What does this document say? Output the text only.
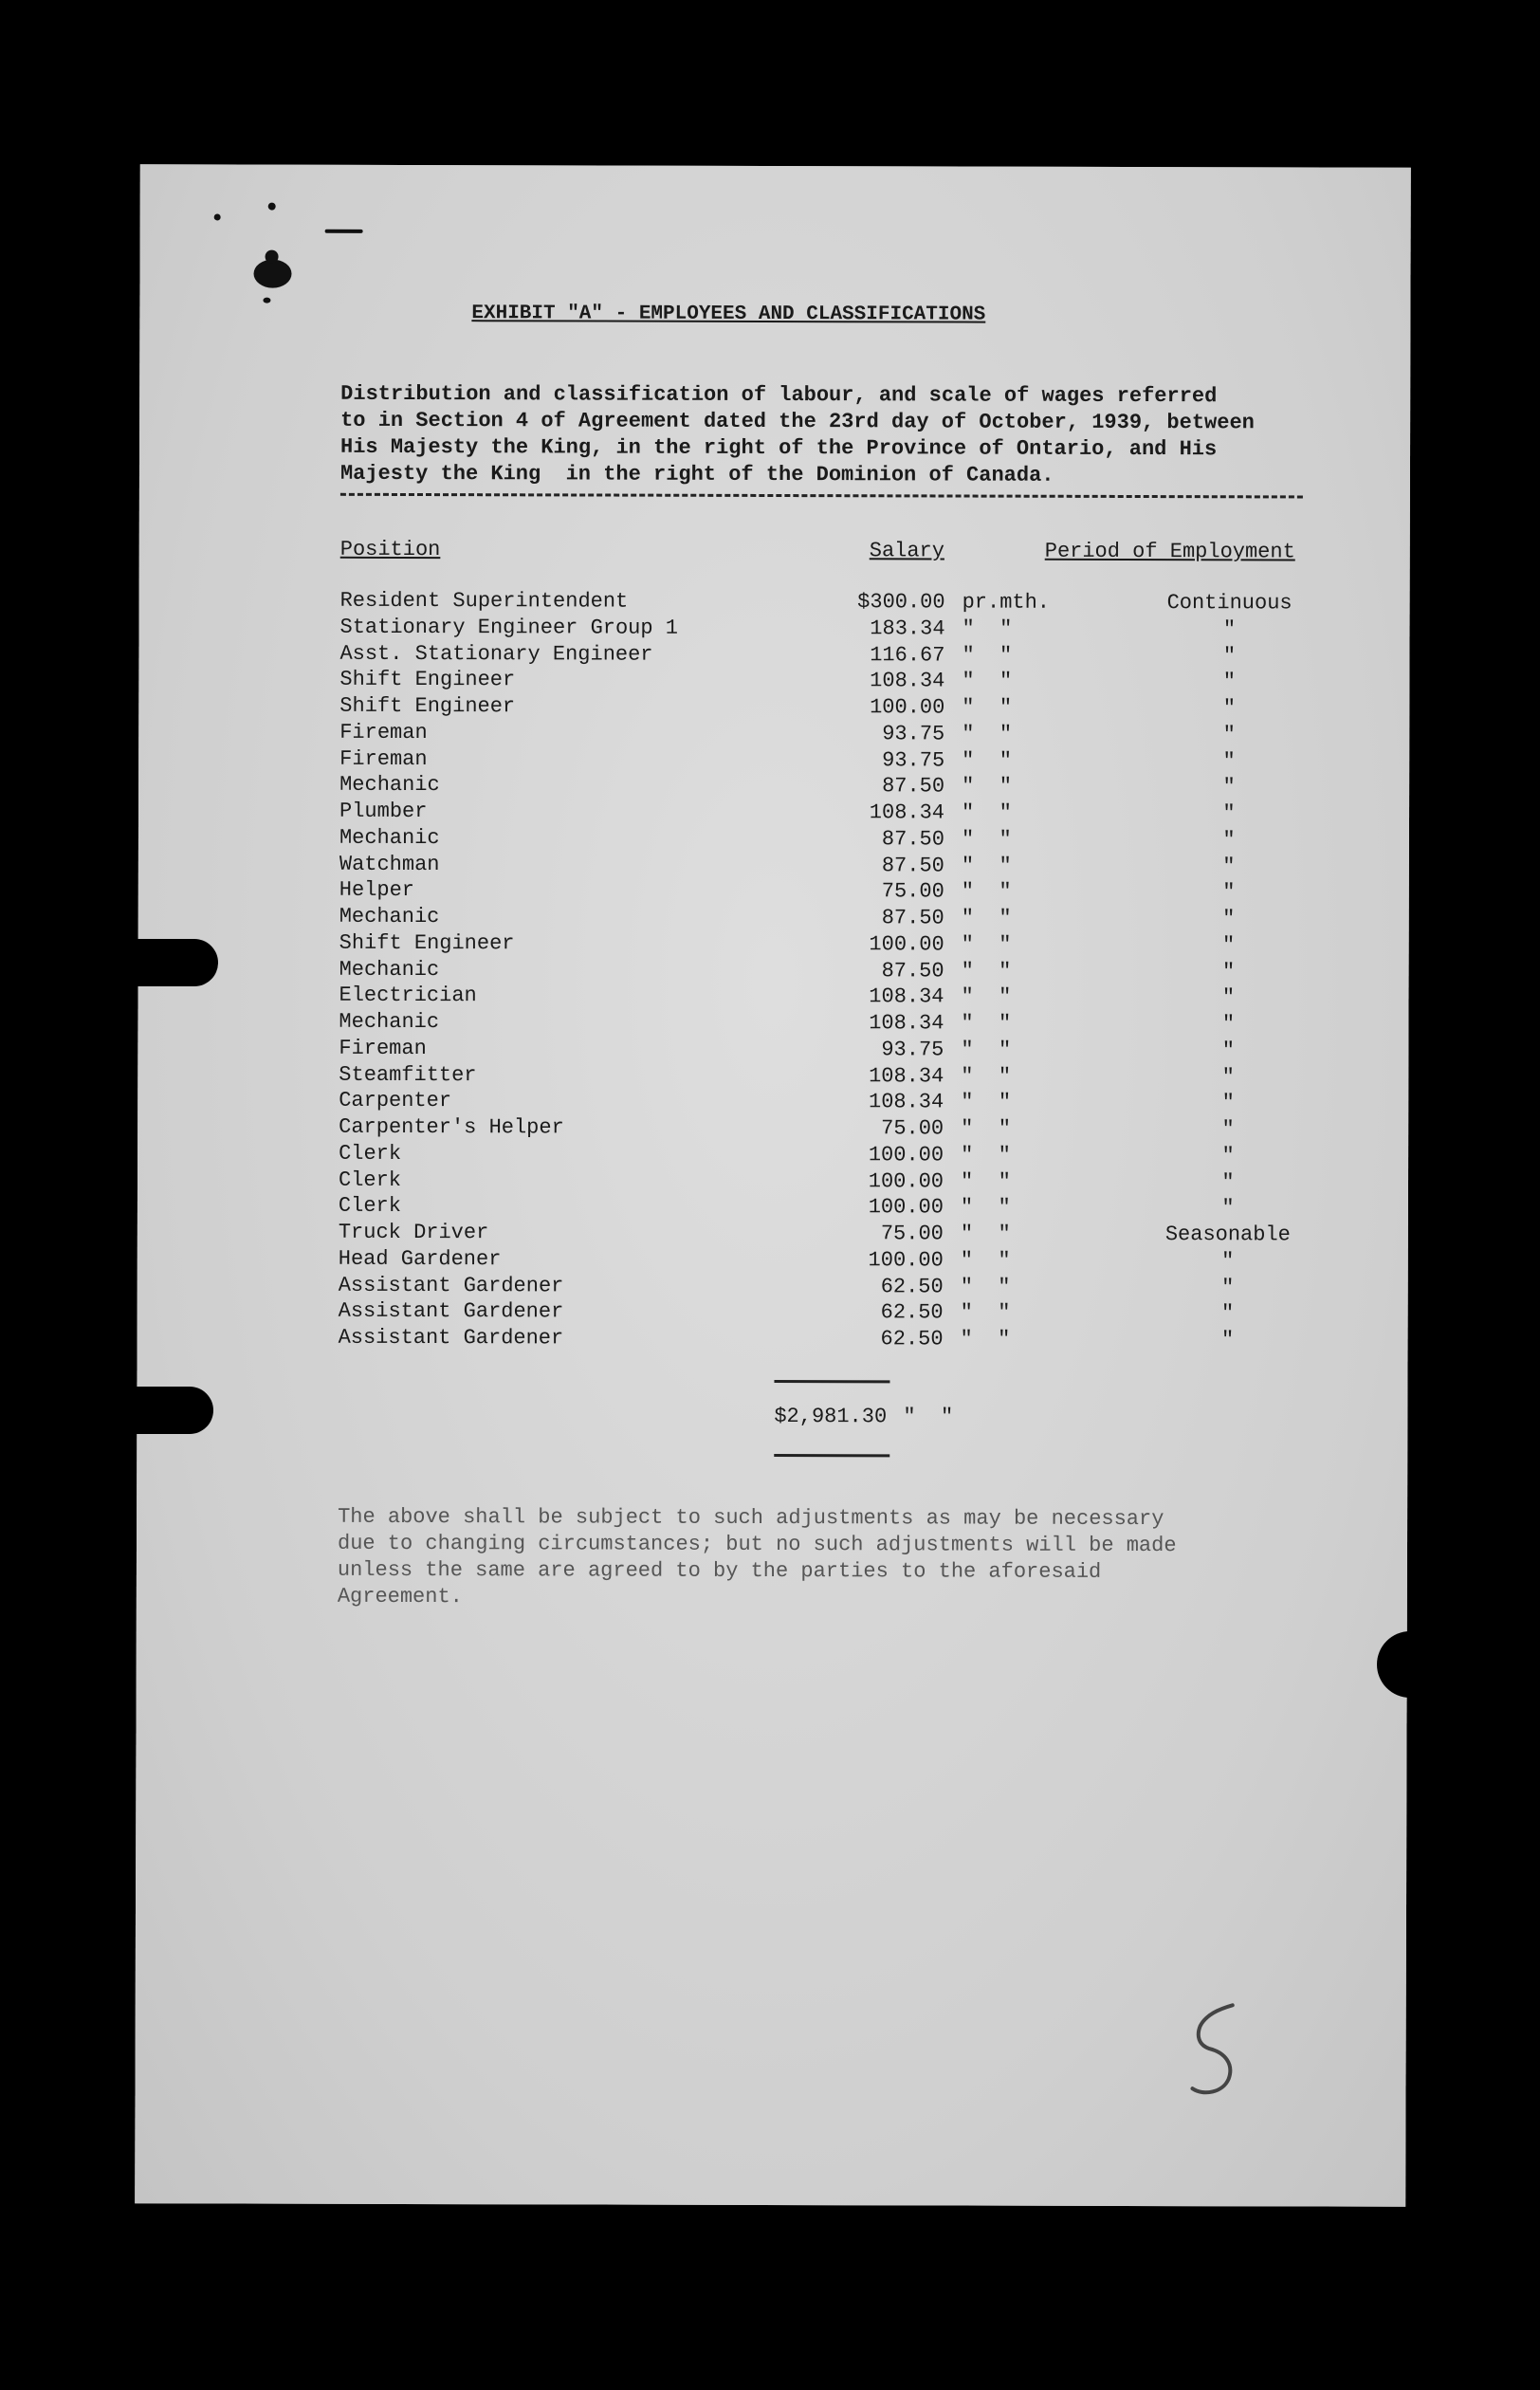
EXHIBIT "A" - EMPLOYEES AND CLASSIFICATIONS
Distribution and classification of labour, and scale of wages referred
to in Section 4 of Agreement dated the 23rd day of October, 1939, between
His Majesty the King, in the right of the Province of Ontario, and His
Majesty the King  in the right of the Dominion of Canada.
Position	Salary	Period of Employment
Resident Superintendent	$300.00 pr.mth.	Continuous
Stationary Engineer Group 1	183.34 "  "	"
Asst. Stationary Engineer	116.67 "  "	"
Shift Engineer	108.34 "  "	"
Shift Engineer	100.00 "  "	"
Fireman	93.75 "  "	"
Fireman	93.75 "  "	"
Mechanic	87.50 "  "	"
Plumber	108.34 "  "	"
Mechanic	87.50 "  "	"
Watchman	87.50 "  "	"
Helper	75.00 "  "	"
Mechanic	87.50 "  "	"
Shift Engineer	100.00 "  "	"
Mechanic	87.50 "  "	"
Electrician	108.34 "  "	"
Mechanic	108.34 "  "	"
Fireman	93.75 "  "	"
Steamfitter	108.34 "  "	"
Carpenter	108.34 "  "	"
Carpenter's Helper	75.00 "  "	"
Clerk	100.00 "  "	"
Clerk	100.00 "  "	"
Clerk	100.00 "  "	"
Truck Driver	75.00 "  "	Seasonable
Head Gardener	100.00 "  "	"
Assistant Gardener	62.50 "  "	"
Assistant Gardener	62.50 "  "	"
Assistant Gardener	62.50 "  "	"
$2,981.30 "  "
The above shall be subject to such adjustments as may be necessary
due to changing circumstances; but no such adjustments will be made
unless the same are agreed to by the parties to the aforesaid
Agreement.
